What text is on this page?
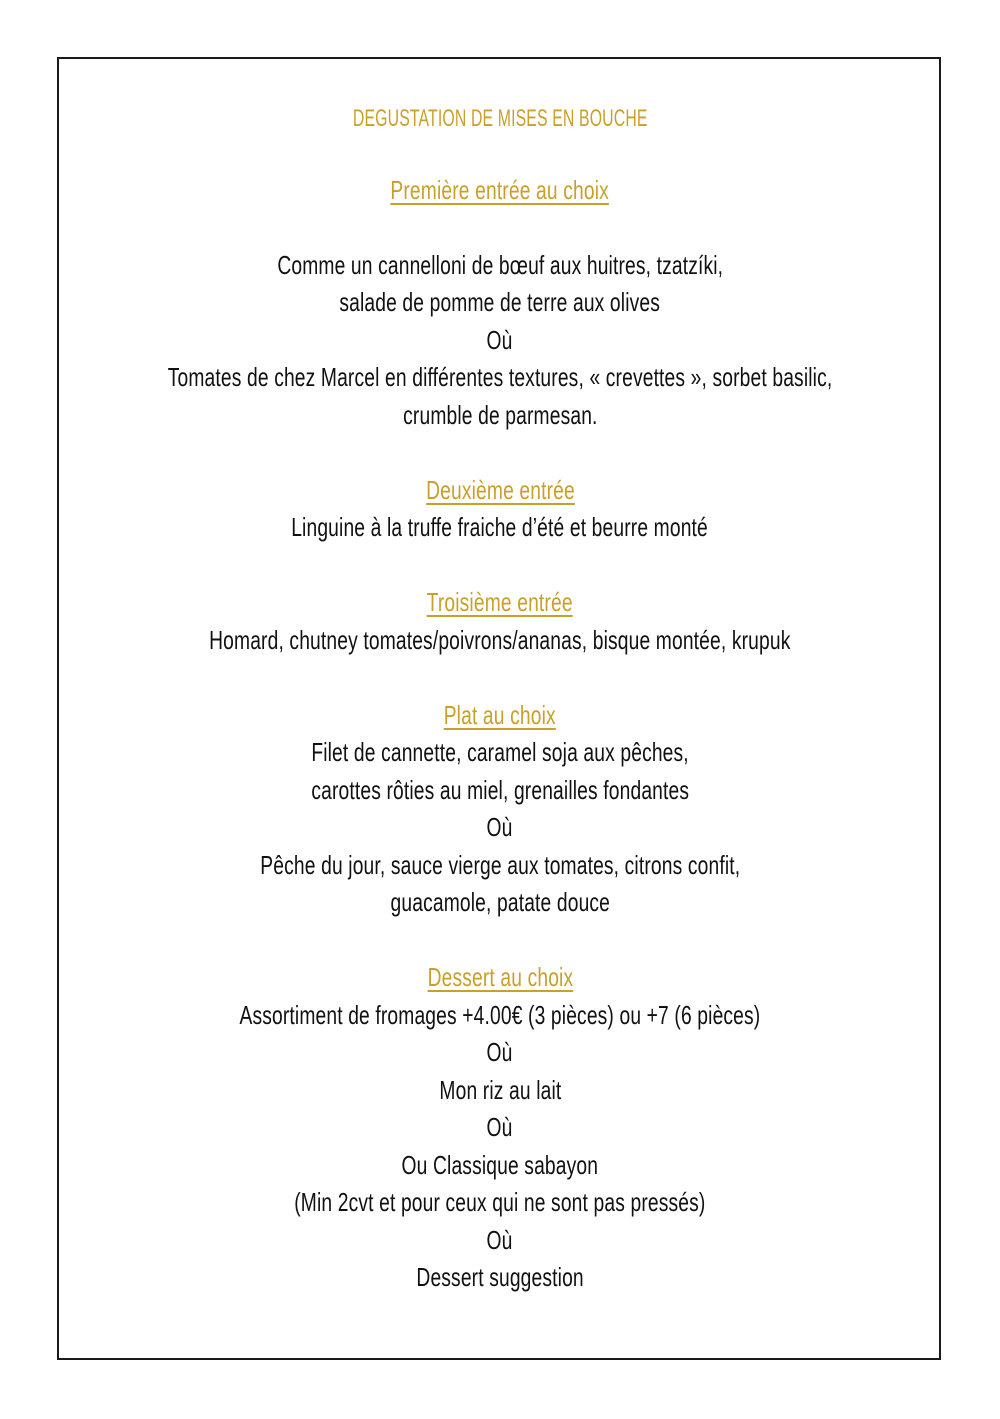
DEGUSTATION DE MISES EN BOUCHE
Première entrée au choix
Comme un cannelloni de bœuf aux huitres, tzatzíki,
salade de pomme de terre aux olives
Où
Tomates de chez Marcel en différentes textures, « crevettes », sorbet basilic,
crumble de parmesan.
Deuxième entrée
Linguine à la truffe fraiche d’été et beurre monté
Troisième entrée
Homard, chutney tomates/poivrons/ananas, bisque montée, krupuk
Plat au choix
Filet de cannette, caramel soja aux pêches,
carottes rôties au miel, grenailles fondantes
Où
Pêche du jour, sauce vierge aux tomates, citrons confit,
guacamole, patate douce
Dessert au choix
Assortiment de fromages +4.00€ (3 pièces) ou +7 (6 pièces)
Où
Mon riz au lait
Où
Ou Classique sabayon
(Min 2cvt et pour ceux qui ne sont pas pressés)
Où
Dessert suggestion
